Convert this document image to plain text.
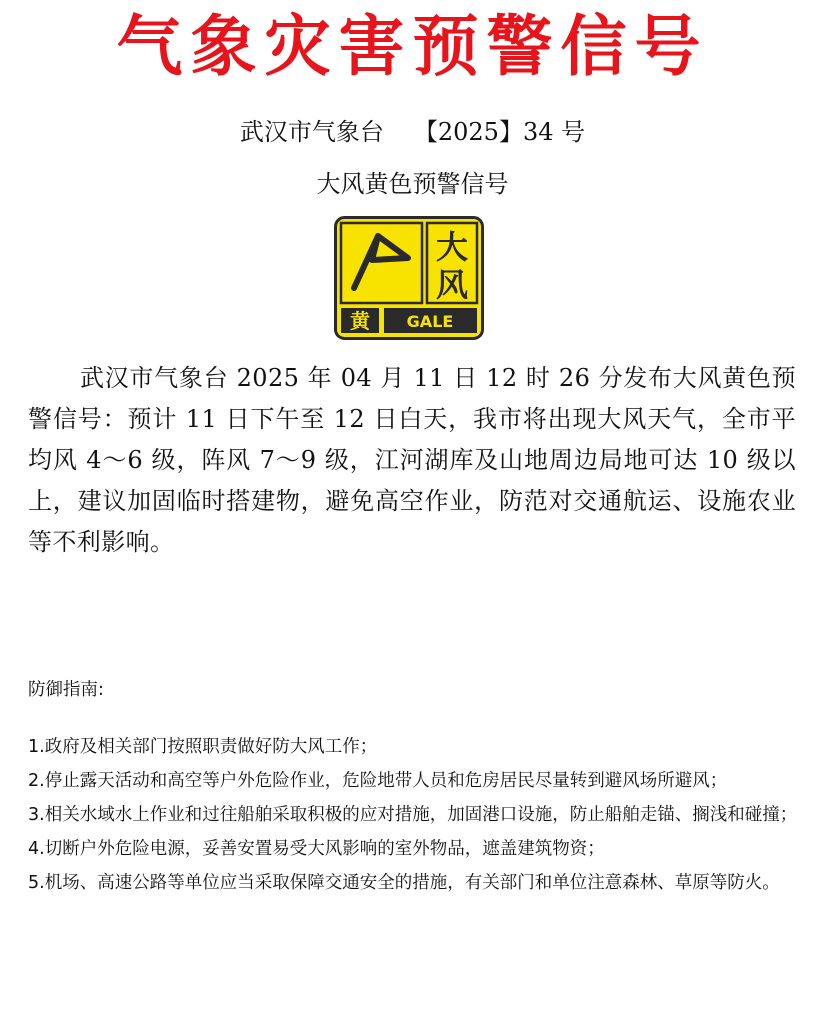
气象灾害预警信号
武汉市气象台 【2025】34 号
大风黄色预警信号
大
风
黄 GALE
武汉市气象台 2025 年 04 月 11 日 12 时 26 分发布大风黄色预警信号：预计 11 日下午至 12 日白天，我市将出现大风天气，全市平均风 4～6 级，阵风 7～9 级，江河湖库及山地周边局地可达 10 级以上，建议加固临时搭建物，避免高空作业，防范对交通航运、设施农业等不利影响。
防御指南:
1.政府及相关部门按照职责做好防大风工作；
2.停止露天活动和高空等户外危险作业，危险地带人员和危房居民尽量转到避风场所避风；
3.相关水域水上作业和过往船舶采取积极的应对措施，加固港口设施，防止船舶走锚、搁浅和碰撞；
4.切断户外危险电源，妥善安置易受大风影响的室外物品，遮盖建筑物资；
5.机场、高速公路等单位应当采取保障交通安全的措施，有关部门和单位注意森林、草原等防火。
